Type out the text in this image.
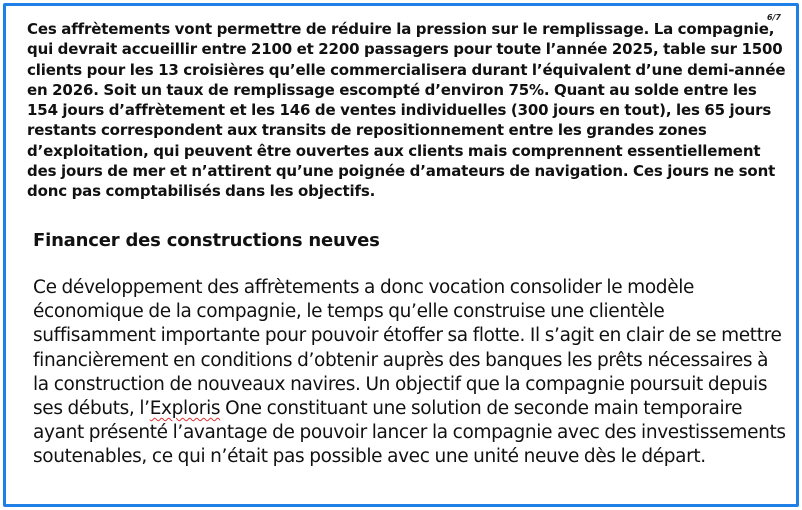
6/7

Ces affrètements vont permettre de réduire la pression sur le remplissage. La compagnie, qui devrait accueillir entre 2100 et 2200 passagers pour toute l’année 2025, table sur 1500 clients pour les 13 croisières qu’elle commercialisera durant l’équivalent d’une demi-année en 2026. Soit un taux de remplissage escompté d’environ 75%. Quant au solde entre les 154 jours d’affrètement et les 146 de ventes individuelles (300 jours en tout), les 65 jours restants correspondent aux transits de repositionnement entre les grandes zones d’exploitation, qui peuvent être ouvertes aux clients mais comprennent essentiellement des jours de mer et n’attirent qu’une poignée d’amateurs de navigation. Ces jours ne sont donc pas comptabilisés dans les objectifs.

Financer des constructions neuves

Ce développement des affrètements a donc vocation consolider le modèle économique de la compagnie, le temps qu’elle construise une clientèle suffisamment importante pour pouvoir étoffer sa flotte. Il s’agit en clair de se mettre financièrement en conditions d’obtenir auprès des banques les prêts nécessaires à la construction de nouveaux navires. Un objectif que la compagnie poursuit depuis ses débuts, l’Exploris One constituant une solution de seconde main temporaire ayant présenté l’avantage de pouvoir lancer la compagnie avec des investissements soutenables, ce qui n’était pas possible avec une unité neuve dès le départ.
